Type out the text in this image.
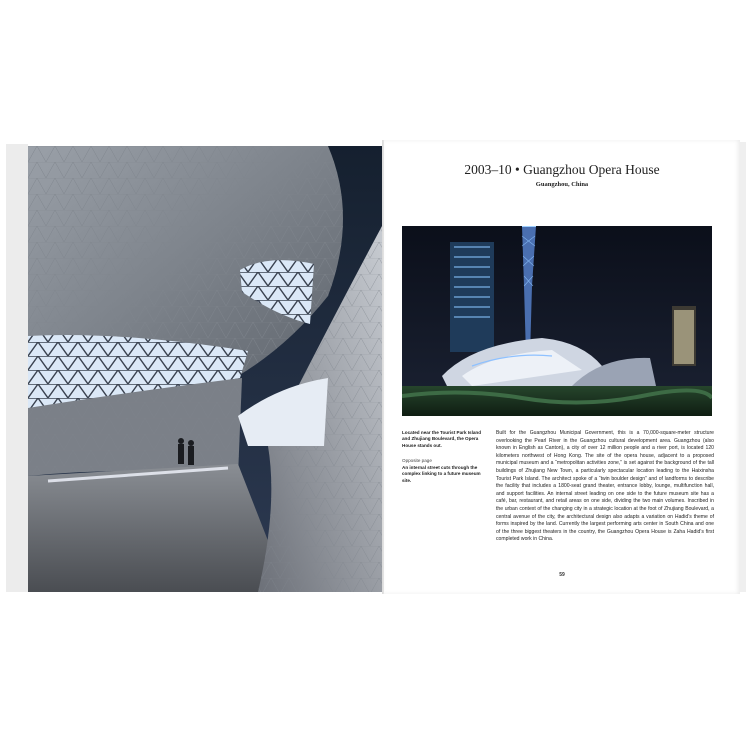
2003–10 • Guangzhou Opera House
Guangzhou, China
Located near the Tourist Park Island and Zhujiang Boulevard, the Opera House stands out.
Opposite page
An internal street cuts through the complex linking to a future museum site.
Built for the Guangzhou Municipal Government, this is a 70,000-square-meter structure overlooking the Pearl River in the Guangzhou cultural development area. Guangzhou (also known in English as Canton), a city of over 12 million people and a river port, is located 120 kilometers northwest of Hong Kong. The site of the opera house, adjacent to a proposed municipal museum and a “metropolitan activities zone,” is set against the background of the tall buildings of Zhujiang New Town, a particularly spectacular location leading to the Haixinsha Tourist Park Island. The architect spoke of a “twin boulder design” and of landforms to describe the facility that includes a 1800-seat grand theater, entrance lobby, lounge, multifunction hall, and support facilities. An internal street leading on one side to the future museum site has a café, bar, restaurant, and retail areas on one side, dividing the two main volumes. Inscribed in the urban context of the changing city in a strategic location at the foot of Zhujiang Boulevard, a central avenue of the city, the architectural design also adapts a variation on Hadid’s theme of forms inspired by the land. Currently the largest performing arts center in South China and one of the three biggest theaters in the country, the Guangzhou Opera House is Zaha Hadid’s first completed work in China.
59
